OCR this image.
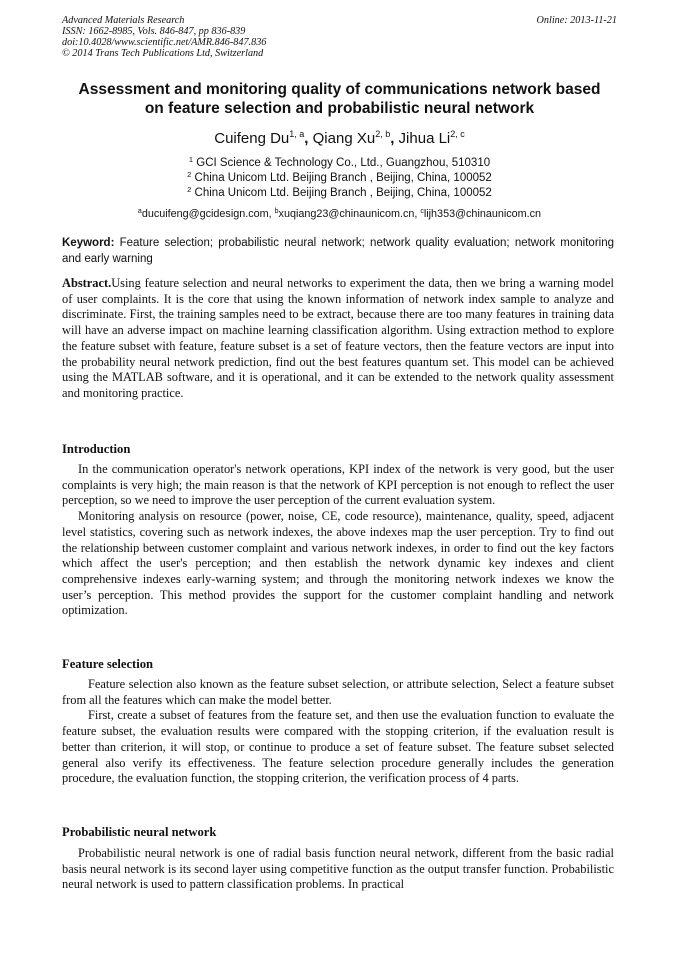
Advanced Materials Research
ISSN: 1662-8985, Vols. 846-847, pp 836-839
doi:10.4028/www.scientific.net/AMR.846-847.836
© 2014 Trans Tech Publications Ltd, Switzerland
Online: 2013-11-21
Assessment and monitoring quality of communications network based
on feature selection and probabilistic neural network
Cuifeng Du$^{1, a}$, Qiang Xu$^{2, b}$, Jihua Li$^{2, c}$
$^1$ GCI Science & Technology Co., Ltd., Guangzhou, 510310
$^2$ China Unicom Ltd. Beijing Branch , Beijing, China, 100052
$^2$ China Unicom Ltd. Beijing Branch , Beijing, China, 100052
$^a$ducuifeng@gcidesign.com, $^b$xuqiang23@chinaunicom.cn, $^c$lijh353@chinaunicom.cn
Keyword: Feature selection; probabilistic neural network; network quality evaluation; network monitoring and early warning

Abstract.Using feature selection and neural networks to experiment the data, then we bring a warning model of user complaints. It is the core that using the known information of network index sample to analyze and discriminate. First, the training samples need to be extract, because there are too many features in training data will have an adverse impact on machine learning classification algorithm. Using extraction method to explore the feature subset with feature, feature subset is a set of feature vectors, then the feature vectors are input into the probability neural network prediction, find out the best features quantum set. This model can be achieved using the MATLAB software, and it is operational, and it can be extended to the network quality assessment and monitoring practice.

Introduction

In the communication operator's network operations, KPI index of the network is very good, but the user complaints is very high; the main reason is that the network of KPI perception is not enough to reflect the user perception, so we need to improve the user perception of the current evaluation system.

Monitoring analysis on resource (power, noise, CE, code resource), maintenance, quality, speed, adjacent level statistics, covering such as network indexes, the above indexes map the user perception. Try to find out the relationship between customer complaint and various network indexes, in order to find out the key factors which affect the user's perception; and then establish the network dynamic key indexes and client comprehensive indexes early-warning system; and through the monitoring network indexes we know the user’s perception. This method provides the support for the customer complaint handling and network optimization.

Feature selection

Feature selection also known as the feature subset selection, or attribute selection, Select a feature subset from all the features which can make the model better.

First, create a subset of features from the feature set, and then use the evaluation function to evaluate the feature subset, the evaluation results were compared with the stopping criterion, if the evaluation result is better than criterion, it will stop, or continue to produce a set of feature subset. The feature subset selected general also verify its effectiveness. The feature selection procedure generally includes the generation procedure, the evaluation function, the stopping criterion, the verification process of 4 parts.

Probabilistic neural network

Probabilistic neural network is one of radial basis function neural network, different from the basic radial basis neural network is its second layer using competitive function as the output transfer function. Probabilistic neural network is used to pattern classification problems. In practical
